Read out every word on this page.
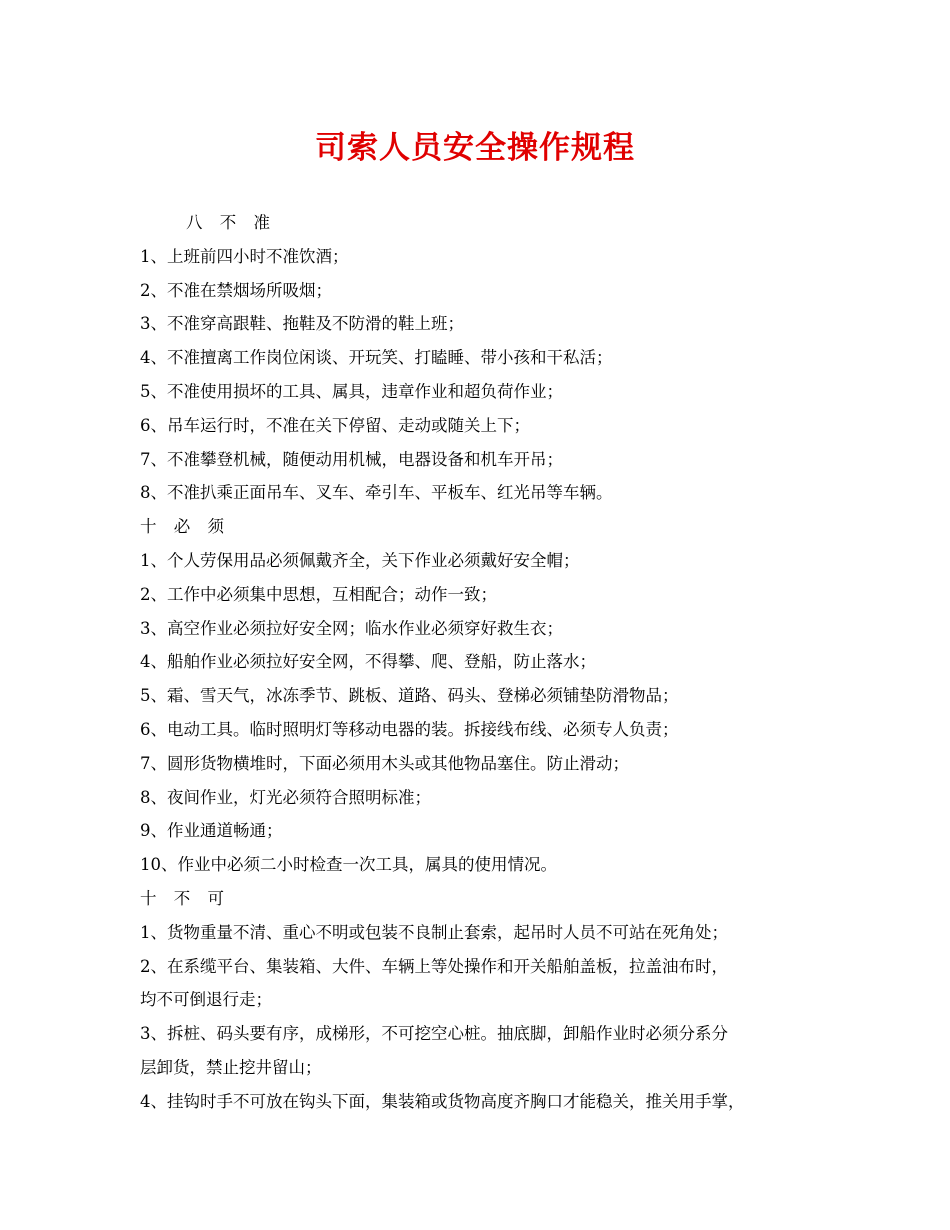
司索人员安全操作规程
八 不 准
1、上班前四小时不准饮酒；
2、不准在禁烟场所吸烟；
3、不准穿高跟鞋、拖鞋及不防滑的鞋上班；
4、不准擅离工作岗位闲谈、开玩笑、打瞌睡、带小孩和干私活；
5、不准使用损坏的工具、属具，违章作业和超负荷作业；
6、吊车运行时，不准在关下停留、走动或随关上下；
7、不准攀登机械，随便动用机械，电器设备和机车开吊；
8、不准扒乘正面吊车、叉车、牵引车、平板车、红光吊等车辆。
十 必 须
1、个人劳保用品必须佩戴齐全，关下作业必须戴好安全帽；
2、工作中必须集中思想，互相配合；动作一致；
3、高空作业必须拉好安全网；临水作业必须穿好救生衣；
4、船舶作业必须拉好安全网，不得攀、爬、登船，防止落水；
5、霜、雪天气，冰冻季节、跳板、道路、码头、登梯必须铺垫防滑物品；
6、电动工具。临时照明灯等移动电器的装。拆接线布线、必须专人负责；
7、圆形货物横堆时，下面必须用木头或其他物品塞住。防止滑动；
8、夜间作业，灯光必须符合照明标准；
9、作业通道畅通；
10、作业中必须二小时检查一次工具，属具的使用情况。
十 不 可
1、货物重量不清、重心不明或包装不良制止套索，起吊时人员不可站在死角处；
2、在系缆平台、集装箱、大件、车辆上等处操作和开关船舶盖板，拉盖油布时，
均不可倒退行走；
3、拆桩、码头要有序，成梯形，不可挖空心桩。抽底脚，卸船作业时必须分系分
层卸货，禁止挖井留山；
4、挂钩时手不可放在钩头下面，集装箱或货物高度齐胸口才能稳关，推关用手掌，
